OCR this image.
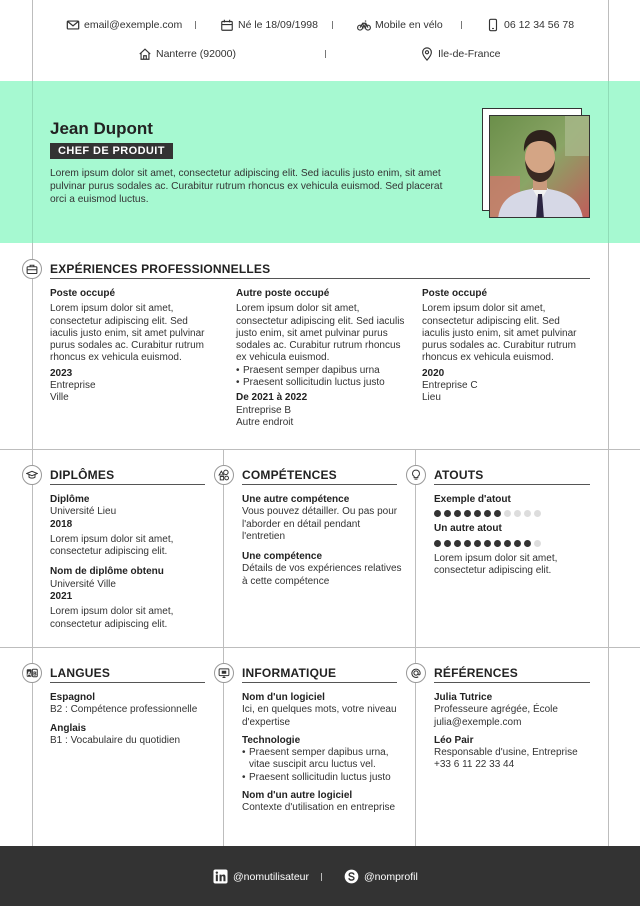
email@exemple.com	Né le 18/09/1998	Mobile en vélo	06 12 34 56 78
Nanterre (92000)	Ile-de-France
Jean Dupont
CHEF DE PRODUIT
Lorem ipsum dolor sit amet, consectetur adipiscing elit. Sed iaculis justo enim, sit amet pulvinar purus sodales ac. Curabitur rutrum rhoncus ex vehicula euismod. Sed placerat orci a euismod luctus.
EXPÉRIENCES PROFESSIONNELLES
Poste occupé
Lorem ipsum dolor sit amet, consectetur adipiscing elit. Sed iaculis justo enim, sit amet pulvinar purus sodales ac. Curabitur rutrum rhoncus ex vehicula euismod.
2023
Entreprise
Ville
Autre poste occupé
Lorem ipsum dolor sit amet, consectetur adipiscing elit. Sed iaculis justo enim, sit amet pulvinar purus sodales ac. Curabitur rutrum rhoncus ex vehicula euismod.
• Praesent semper dapibus urna
• Praesent sollicitudin luctus justo
De 2021 à 2022
Entreprise B
Autre endroit
Poste occupé
Lorem ipsum dolor sit amet, consectetur adipiscing elit. Sed iaculis justo enim, sit amet pulvinar purus sodales ac. Curabitur rutrum rhoncus ex vehicula euismod.
2020
Entreprise C
Lieu
DIPLÔMES
Diplôme
Université Lieu
2018
Lorem ipsum dolor sit amet, consectetur adipiscing elit.
Nom de diplôme obtenu
Université Ville
2021
Lorem ipsum dolor sit amet, consectetur adipiscing elit.
COMPÉTENCES
Une autre compétence
Vous pouvez détailler. Ou pas pour l'aborder en détail pendant l'entretien
Une compétence
Détails de vos expériences relatives à cette compétence
ATOUTS
Exemple d'atout
Un autre atout
Lorem ipsum dolor sit amet, consectetur adipiscing elit.
A B LANGUES
Espagnol
B2 : Compétence professionnelle
Anglais
B1 : Vocabulaire du quotidien
INFORMATIQUE
Nom d'un logiciel
Ici, en quelques mots, votre niveau d'expertise
Technologie
• Praesent semper dapibus urna, vitae suscipit arcu luctus vel.
• Praesent sollicitudin luctus justo
Nom d'un autre logiciel
Contexte d'utilisation en entreprise
RÉFÉRENCES
Julia Tutrice
Professeure agrégée, École
julia@exemple.com
Léo Pair
Responsable d'usine, Entreprise
+33 6 11 22 33 44
@nomutilisateur	@nomprofil
